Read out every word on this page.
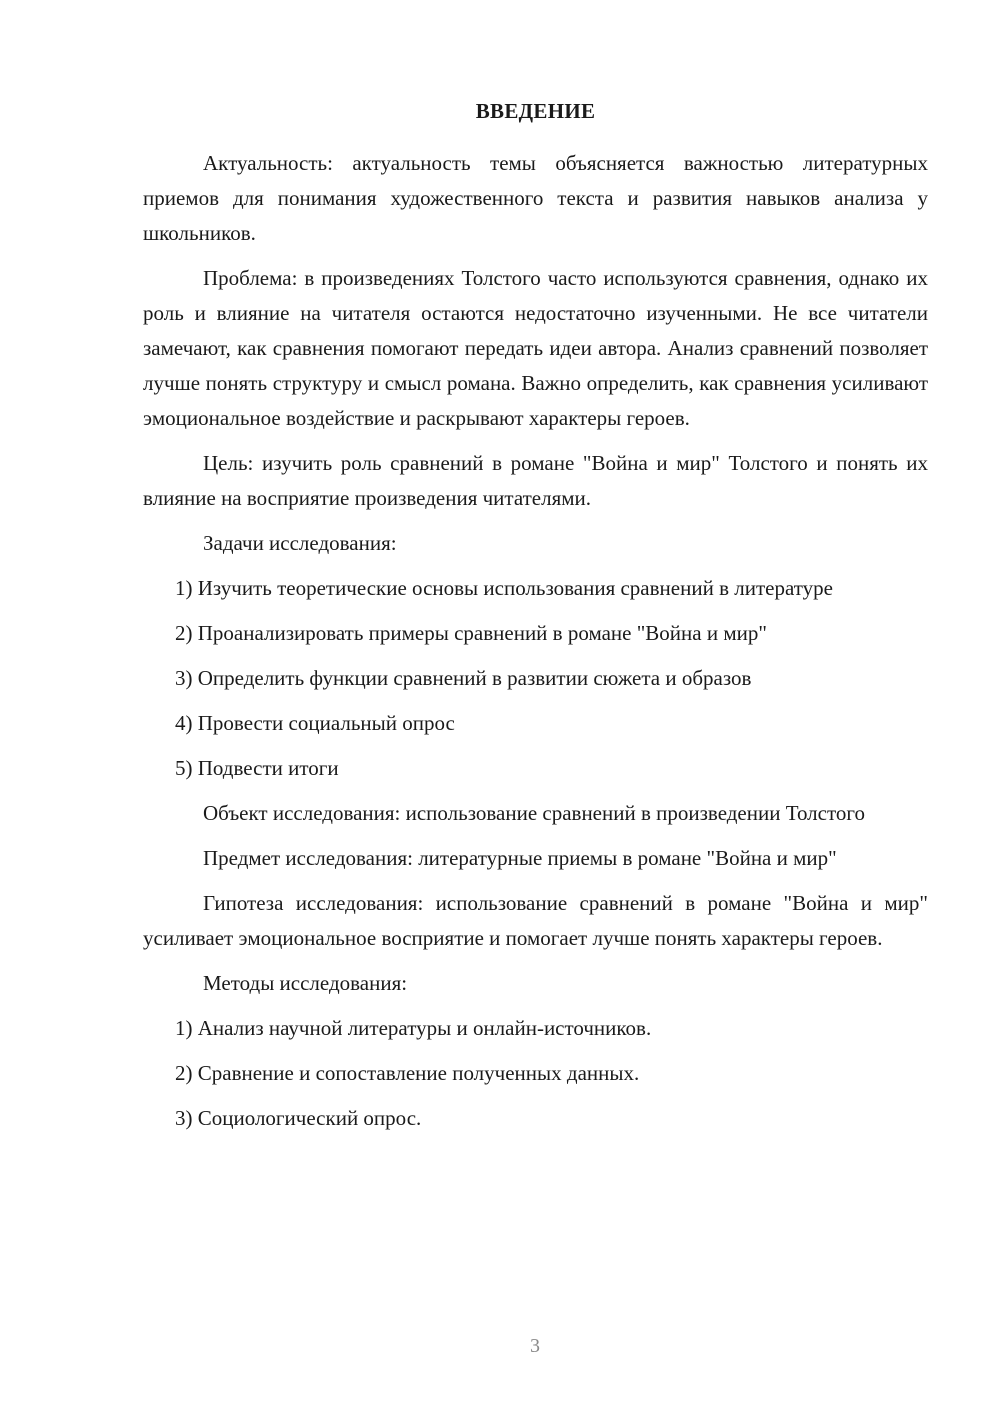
ВВЕДЕНИЕ

Актуальность: актуальность темы объясняется важностью литературных приемов для понимания художественного текста и развития навыков анализа у школьников.

Проблема: в произведениях Толстого часто используются сравнения, однако их роль и влияние на читателя остаются недостаточно изученными. Не все читатели замечают, как сравнения помогают передать идеи автора. Анализ сравнений позволяет лучше понять структуру и смысл романа. Важно определить, как сравнения усиливают эмоциональное воздействие и раскрывают характеры героев.

Цель: изучить роль сравнений в романе "Война и мир" Толстого и понять их влияние на восприятие произведения читателями.

Задачи исследования:

1) Изучить теоретические основы использования сравнений в литературе

2) Проанализировать примеры сравнений в романе "Война и мир"

3) Определить функции сравнений в развитии сюжета и образов

4) Провести социальный опрос

5) Подвести итоги

Объект исследования: использование сравнений в произведении Толстого

Предмет исследования: литературные приемы в романе "Война и мир"

Гипотеза исследования: использование сравнений в романе "Война и мир" усиливает эмоциональное восприятие и помогает лучше понять характеры героев.

Методы исследования:

1) Анализ научной литературы и онлайн-источников.

2) Сравнение и сопоставление полученных данных.

3) Социологический опрос.

3
